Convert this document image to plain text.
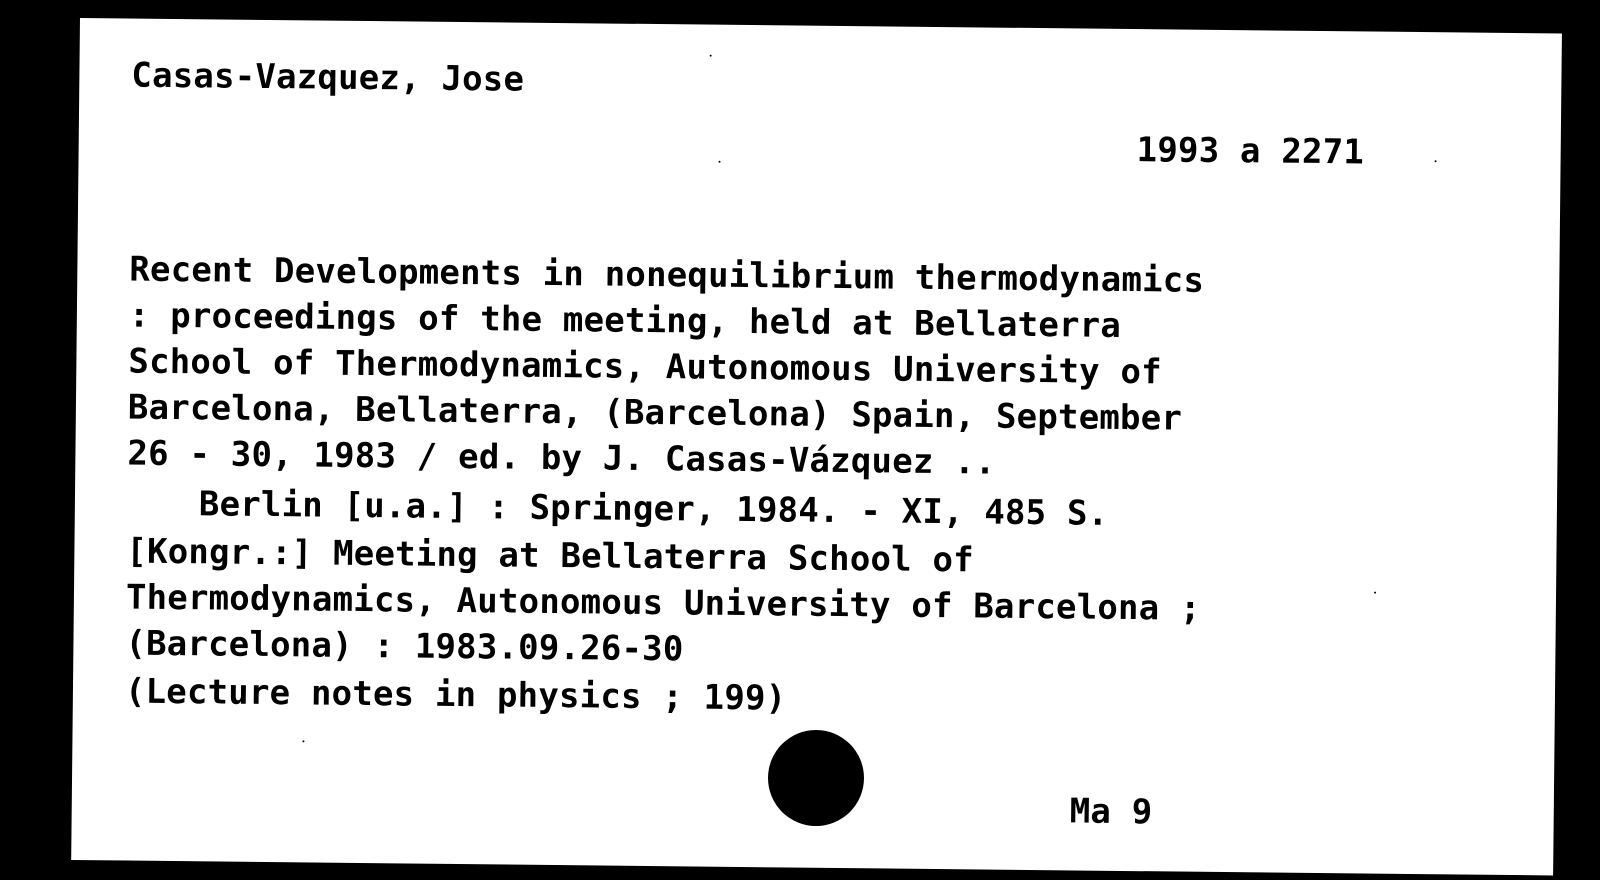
Casas-Vazquez, Jose

1993 a 2271

Recent Developments in nonequilibrium thermodynamics

: proceedings of the meeting, held at Bellaterra

School of Thermodynamics, Autonomous University of

Barcelona, Bellaterra, (Barcelona) Spain, September

26 - 30, 1983 / ed. by J. Casas-Vázquez ..

Berlin [u.a.] : Springer, 1984. - XI, 485 S.

[Kongr.:] Meeting at Bellaterra School of

Thermodynamics, Autonomous University of Barcelona ;

(Barcelona) : 1983.09.26-30

(Lecture notes in physics ; 199)

Ma 9
